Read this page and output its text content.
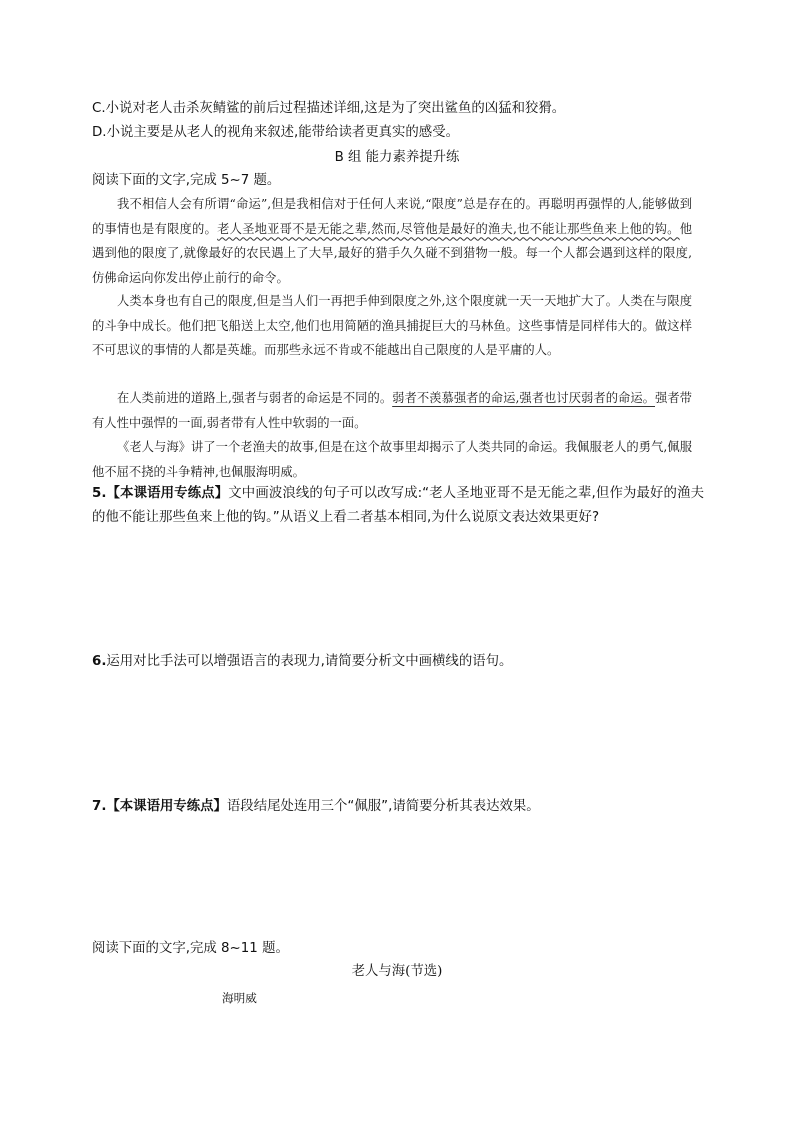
C.小说对老人击杀灰鲭鲨的前后过程描述详细,这是为了突出鲨鱼的凶猛和狡猾。
D.小说主要是从老人的视角来叙述,能带给读者更真实的感受。
B 组 能力素养提升练
阅读下面的文字,完成 5~7 题。

我不相信人会有所谓“命运”,但是我相信对于任何人来说,“限度”总是存在的。再聪明再强悍的人,能够做到的事情也是有限度的。老人圣地亚哥不是无能之辈,然而,尽管他是最好的渔夫,也不能让那些鱼来上他的钩。他遇到他的限度了,就像最好的农民遇上了大旱,最好的猎手久久碰不到猎物一般。每一个人都会遇到这样的限度,仿佛命运向你发出停止前行的命令。

人类本身也有自己的限度,但是当人们一再把手伸到限度之外,这个限度就一天一天地扩大了。人类在与限度的斗争中成长。他们把飞船送上太空,他们也用简陋的渔具捕捉巨大的马林鱼。这些事情是同样伟大的。做这样不可思议的事情的人都是英雄。而那些永远不肯或不能越出自己限度的人是平庸的人。

在人类前进的道路上,强者与弱者的命运是不同的。弱者不羡慕强者的命运,强者也讨厌弱者的命运。强者带有人性中强悍的一面,弱者带有人性中软弱的一面。

《老人与海》讲了一个老渔夫的故事,但是在这个故事里却揭示了人类共同的命运。我佩服老人的勇气,佩服他不屈不挠的斗争精神,也佩服海明威。

5.【本课语用专练点】文中画波浪线的句子可以改写成:“老人圣地亚哥不是无能之辈,但作为最好的渔夫的他不能让那些鱼来上他的钩。”从语义上看二者基本相同,为什么说原文表达效果更好?

6.运用对比手法可以增强语言的表现力,请简要分析文中画横线的语句。

7.【本课语用专练点】语段结尾处连用三个“佩服”,请简要分析其表达效果。

阅读下面的文字,完成 8~11 题。
老人与海(节选)
海明威
